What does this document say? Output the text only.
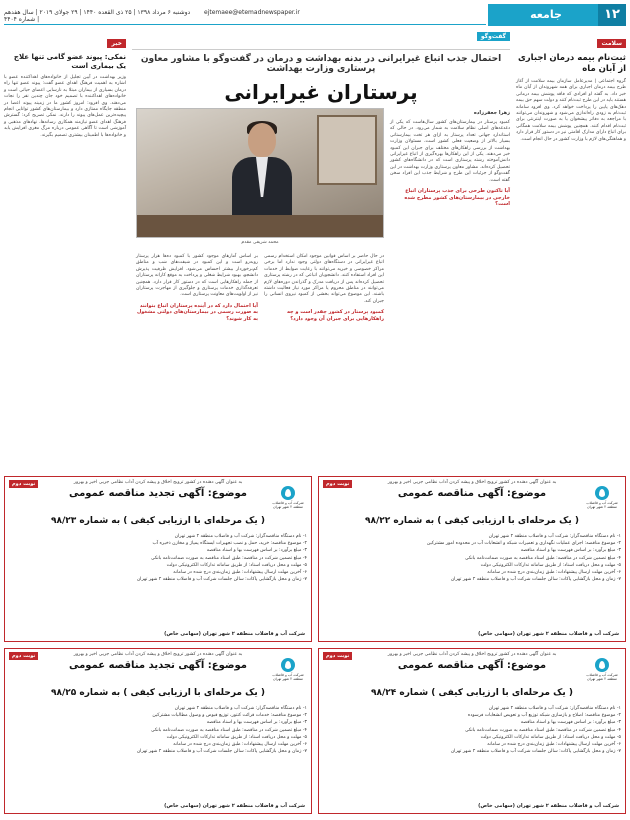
۱۲
جامعه
ejtemaee@etemadnewspaper.ir
دوشنبه ۶ مرداد ۱۳۹۸ | ۲۵ ذی القعده ۱۴۴۰ | ۲۹ جولای ۲۰۱۹ | سال هفدهم | شماره ۴۴۰۴
سلامت
ثبت‌نام بیمه درمان اجباری از آبان ماه
گروه اجتماعی | مدیرعامل سازمان بیمه سلامت از آغاز طرح بیمه درمان اجباری برای همه شهروندان از آبان ماه خبر داد. به گفته او افرادی که فاقد پوشش بیمه درمانی هستند باید در این طرح ثبت‌نام کنند و دولت سهم حق بیمه دهک‌های پایین را پرداخت خواهد کرد. وی افزود سامانه ثبت‌نام به زودی راه‌اندازی می‌شود و شهروندان می‌توانند با مراجعه به دفاتر پیشخوان یا به صورت اینترنتی برای ثبت‌نام اقدام کنند. همچنین پوشش بیمه سلامت همگانی برای اتباع دارای مدارک اقامتی نیز در دستور کار قرار دارد و هماهنگی‌های لازم با وزارت کشور در حال انجام است.
گفت‌وگو
احتمال جذب اتباع غیرایرانی در بدنه بهداشت و درمان در گفت‌وگو با مشاور معاون پرستاری وزارت بهداشت
پرستاران غیرایرانی
زهرا جعفرزاده
کمبود پرستار در بیمارستان‌های کشور سال‌هاست که یکی از دغدغه‌های اصلی نظام سلامت به شمار می‌رود. در حالی که استاندارد جهانی تعداد پرستار به ازای هر تخت بیمارستانی بسیار بالاتر از وضعیت فعلی کشور است، مسئولان وزارت بهداشت از بررسی راهکارهای مختلف برای جبران این کمبود خبر می‌دهند. یکی از این راهکارها بهره‌گیری از اتباع غیرایرانی دانش‌آموخته رشته پرستاری است که در دانشگاه‌های کشور تحصیل کرده‌اند. مشاور معاون پرستاری وزارت بهداشت در این گفت‌وگو از جزئیات این طرح و شرایط جذب این افراد سخن گفته است.
آیا تاکنون طرحی برای جذب پرستاران اتباع خارجی در بیمارستان‌های کشور مطرح شده است؟
محمد شریفی مقدم
در حال حاضر بر اساس قوانین موجود امکان استخدام رسمی اتباع غیرایرانی در دستگاه‌های دولتی وجود ندارد اما برخی مراکز خصوصی و خیریه می‌توانند با رعایت ضوابط از خدمات این افراد استفاده کنند. دانشجویان اتباعی که در رشته پرستاری تحصیل کرده‌اند پس از دریافت مدرک و گذراندن دوره‌های لازم می‌توانند در مناطق محروم یا مراکز مورد نیاز فعالیت داشته باشند. این موضوع می‌تواند بخشی از کمبود نیروی انسانی را جبران کند.
کمبود پرستار در کشور چقدر است و چه راهکارهایی برای جبران آن وجود دارد؟
بر اساس آمارهای موجود کشور با کمبود ده‌ها هزار پرستار روبه‌رو است و این کمبود در شیفت‌های شب و مناطق کم‌برخوردار بیشتر احساس می‌شود. افزایش ظرفیت پذیرش دانشجو، بهبود شرایط شغلی و پرداخت به موقع کارانه پرستاران از جمله راهکارهایی است که در دستور کار قرار دارد. همچنین تعرفه‌گذاری خدمات پرستاری و جلوگیری از مهاجرت پرستاران نیز از اولویت‌های معاونت پرستاری است.
آیا احتمال دارد که در آینده پرستاران اتباع بتوانند به صورت رسمی در بیمارستان‌های دولتی مشغول به کار شوند؟
خبر
نمکی: پیوند عضو گامی تنها علاج یک بیماری است
وزیر بهداشت در آیین تجلیل از خانواده‌های اهداکننده عضو با اشاره به اهمیت فرهنگ اهدای عضو گفت: پیوند عضو تنها راه درمان بسیاری از بیماران مبتلا به نارسایی اعضای حیاتی است و خانواده‌های اهداکننده با تصمیم خود جان چندین نفر را نجات می‌دهند. وی افزود: امروز کشور ما در زمینه پیوند اعضا در منطقه جایگاه ممتازی دارد و بیمارستان‌های کشور توانایی انجام پیچیده‌ترین عمل‌های پیوند را دارند. نمکی تصریح کرد: گسترش فرهنگ اهدای عضو نیازمند همکاری رسانه‌ها، نهادهای مذهبی و آموزشی است تا آگاهی عمومی درباره مرگ مغزی افزایش یابد و خانواده‌ها با اطمینان بیشتری تصمیم بگیرند.
به عنوان آگهی دهنده در کشور ترویج اخلاق و پیشه کردن آداب نظامی جزیی اخیر و بهرور
نوبت دوم
شرکت آب و فاضلاب منطقه ۲ شهر تهران
موضوع: آگهی مناقصه عمومی
( یک مرحله‌ای با ارزیابی کیفی ) به شماره ۹۸/۲۲

۱- نام دستگاه مناقصه‌گزار: شرکت آب و فاضلاب منطقه ۲ شهر تهران

۲- موضوع مناقصه: اجرای عملیات نگهداری و تعمیرات شبکه و انشعابات آب در محدوده امور مشترکین

۳- مبلغ برآورد: بر اساس فهرست بها و اسناد مناقصه

۴- مبلغ تضمین شرکت در مناقصه: طبق اسناد مناقصه به صورت ضمانت‌نامه بانکی

۵- مهلت و محل دریافت اسناد: از طریق سامانه تدارکات الکترونیکی دولت

۶- آخرین مهلت ارسال پیشنهادات: طبق زمان‌بندی درج شده در سامانه

۷- زمان و محل بازگشایی پاکات: سالن جلسات شرکت آب و فاضلاب منطقه ۲ شهر تهران

شرکت آب و فاضلاب منطقه ۲ شهر تهران (سهامی خاص)
به عنوان آگهی دهنده در کشور ترویج اخلاق و پیشه کردن آداب نظامی جزیی اخیر و بهرور
نوبت دوم
شرکت آب و فاضلاب منطقه ۲ شهر تهران
موضوع: آگهی تجدید مناقصه عمومی
( یک مرحله‌ای با ارزیابی کیفی ) به شماره ۹۸/۲۳

۱- نام دستگاه مناقصه‌گزار: شرکت آب و فاضلاب منطقه ۲ شهر تهران

۲- موضوع مناقصه: خرید، حمل و نصب تجهیزات ایستگاه پمپاژ و مخازن ذخیره آب

۳- مبلغ برآورد: بر اساس فهرست بها و اسناد مناقصه

۴- مبلغ تضمین شرکت در مناقصه: طبق اسناد مناقصه به صورت ضمانت‌نامه بانکی

۵- مهلت و محل دریافت اسناد: از طریق سامانه تدارکات الکترونیکی دولت

۶- آخرین مهلت ارسال پیشنهادات: طبق زمان‌بندی درج شده در سامانه

۷- زمان و محل بازگشایی پاکات: سالن جلسات شرکت آب و فاضلاب منطقه ۲ شهر تهران

شرکت آب و فاضلاب منطقه ۲ شهر تهران (سهامی خاص)
به عنوان آگهی دهنده در کشور ترویج اخلاق و پیشه کردن آداب نظامی جزیی اخیر و بهرور
نوبت دوم
شرکت آب و فاضلاب منطقه ۲ شهر تهران
موضوع: آگهی مناقصه عمومی
( یک مرحله‌ای با ارزیابی کیفی ) شماره ۹۸/۲۴

۱- نام دستگاه مناقصه‌گزار: شرکت آب و فاضلاب منطقه ۲ شهر تهران

۲- موضوع مناقصه: اصلاح و بازسازی شبکه توزیع آب و تعویض انشعابات فرسوده

۳- مبلغ برآورد: بر اساس فهرست بها و اسناد مناقصه

۴- مبلغ تضمین شرکت در مناقصه: طبق اسناد مناقصه به صورت ضمانت‌نامه بانکی

۵- مهلت و محل دریافت اسناد: از طریق سامانه تدارکات الکترونیکی دولت

۶- آخرین مهلت ارسال پیشنهادات: طبق زمان‌بندی درج شده در سامانه

۷- زمان و محل بازگشایی پاکات: سالن جلسات شرکت آب و فاضلاب منطقه ۲ شهر تهران

شرکت آب و فاضلاب منطقه ۲ شهر تهران (سهامی خاص)
به عنوان آگهی دهنده در کشور ترویج اخلاق و پیشه کردن آداب نظامی جزیی اخیر و بهرور
نوبت دوم
شرکت آب و فاضلاب منطقه ۲ شهر تهران
موضوع: آگهی تجدید مناقصه عمومی
( یک مرحله‌ای با ارزیابی کیفی ) به شماره ۹۸/۲۵

۱- نام دستگاه مناقصه‌گزار: شرکت آب و فاضلاب منطقه ۲ شهر تهران

۲- موضوع مناقصه: خدمات قرائت کنتور، توزیع قبوض و وصول مطالبات مشترکین

۳- مبلغ برآورد: بر اساس فهرست بها و اسناد مناقصه

۴- مبلغ تضمین شرکت در مناقصه: طبق اسناد مناقصه به صورت ضمانت‌نامه بانکی

۵- مهلت و محل دریافت اسناد: از طریق سامانه تدارکات الکترونیکی دولت

۶- آخرین مهلت ارسال پیشنهادات: طبق زمان‌بندی درج شده در سامانه

۷- زمان و محل بازگشایی پاکات: سالن جلسات شرکت آب و فاضلاب منطقه ۲ شهر تهران

شرکت آب و فاضلاب منطقه ۲ شهر تهران (سهامی خاص)
